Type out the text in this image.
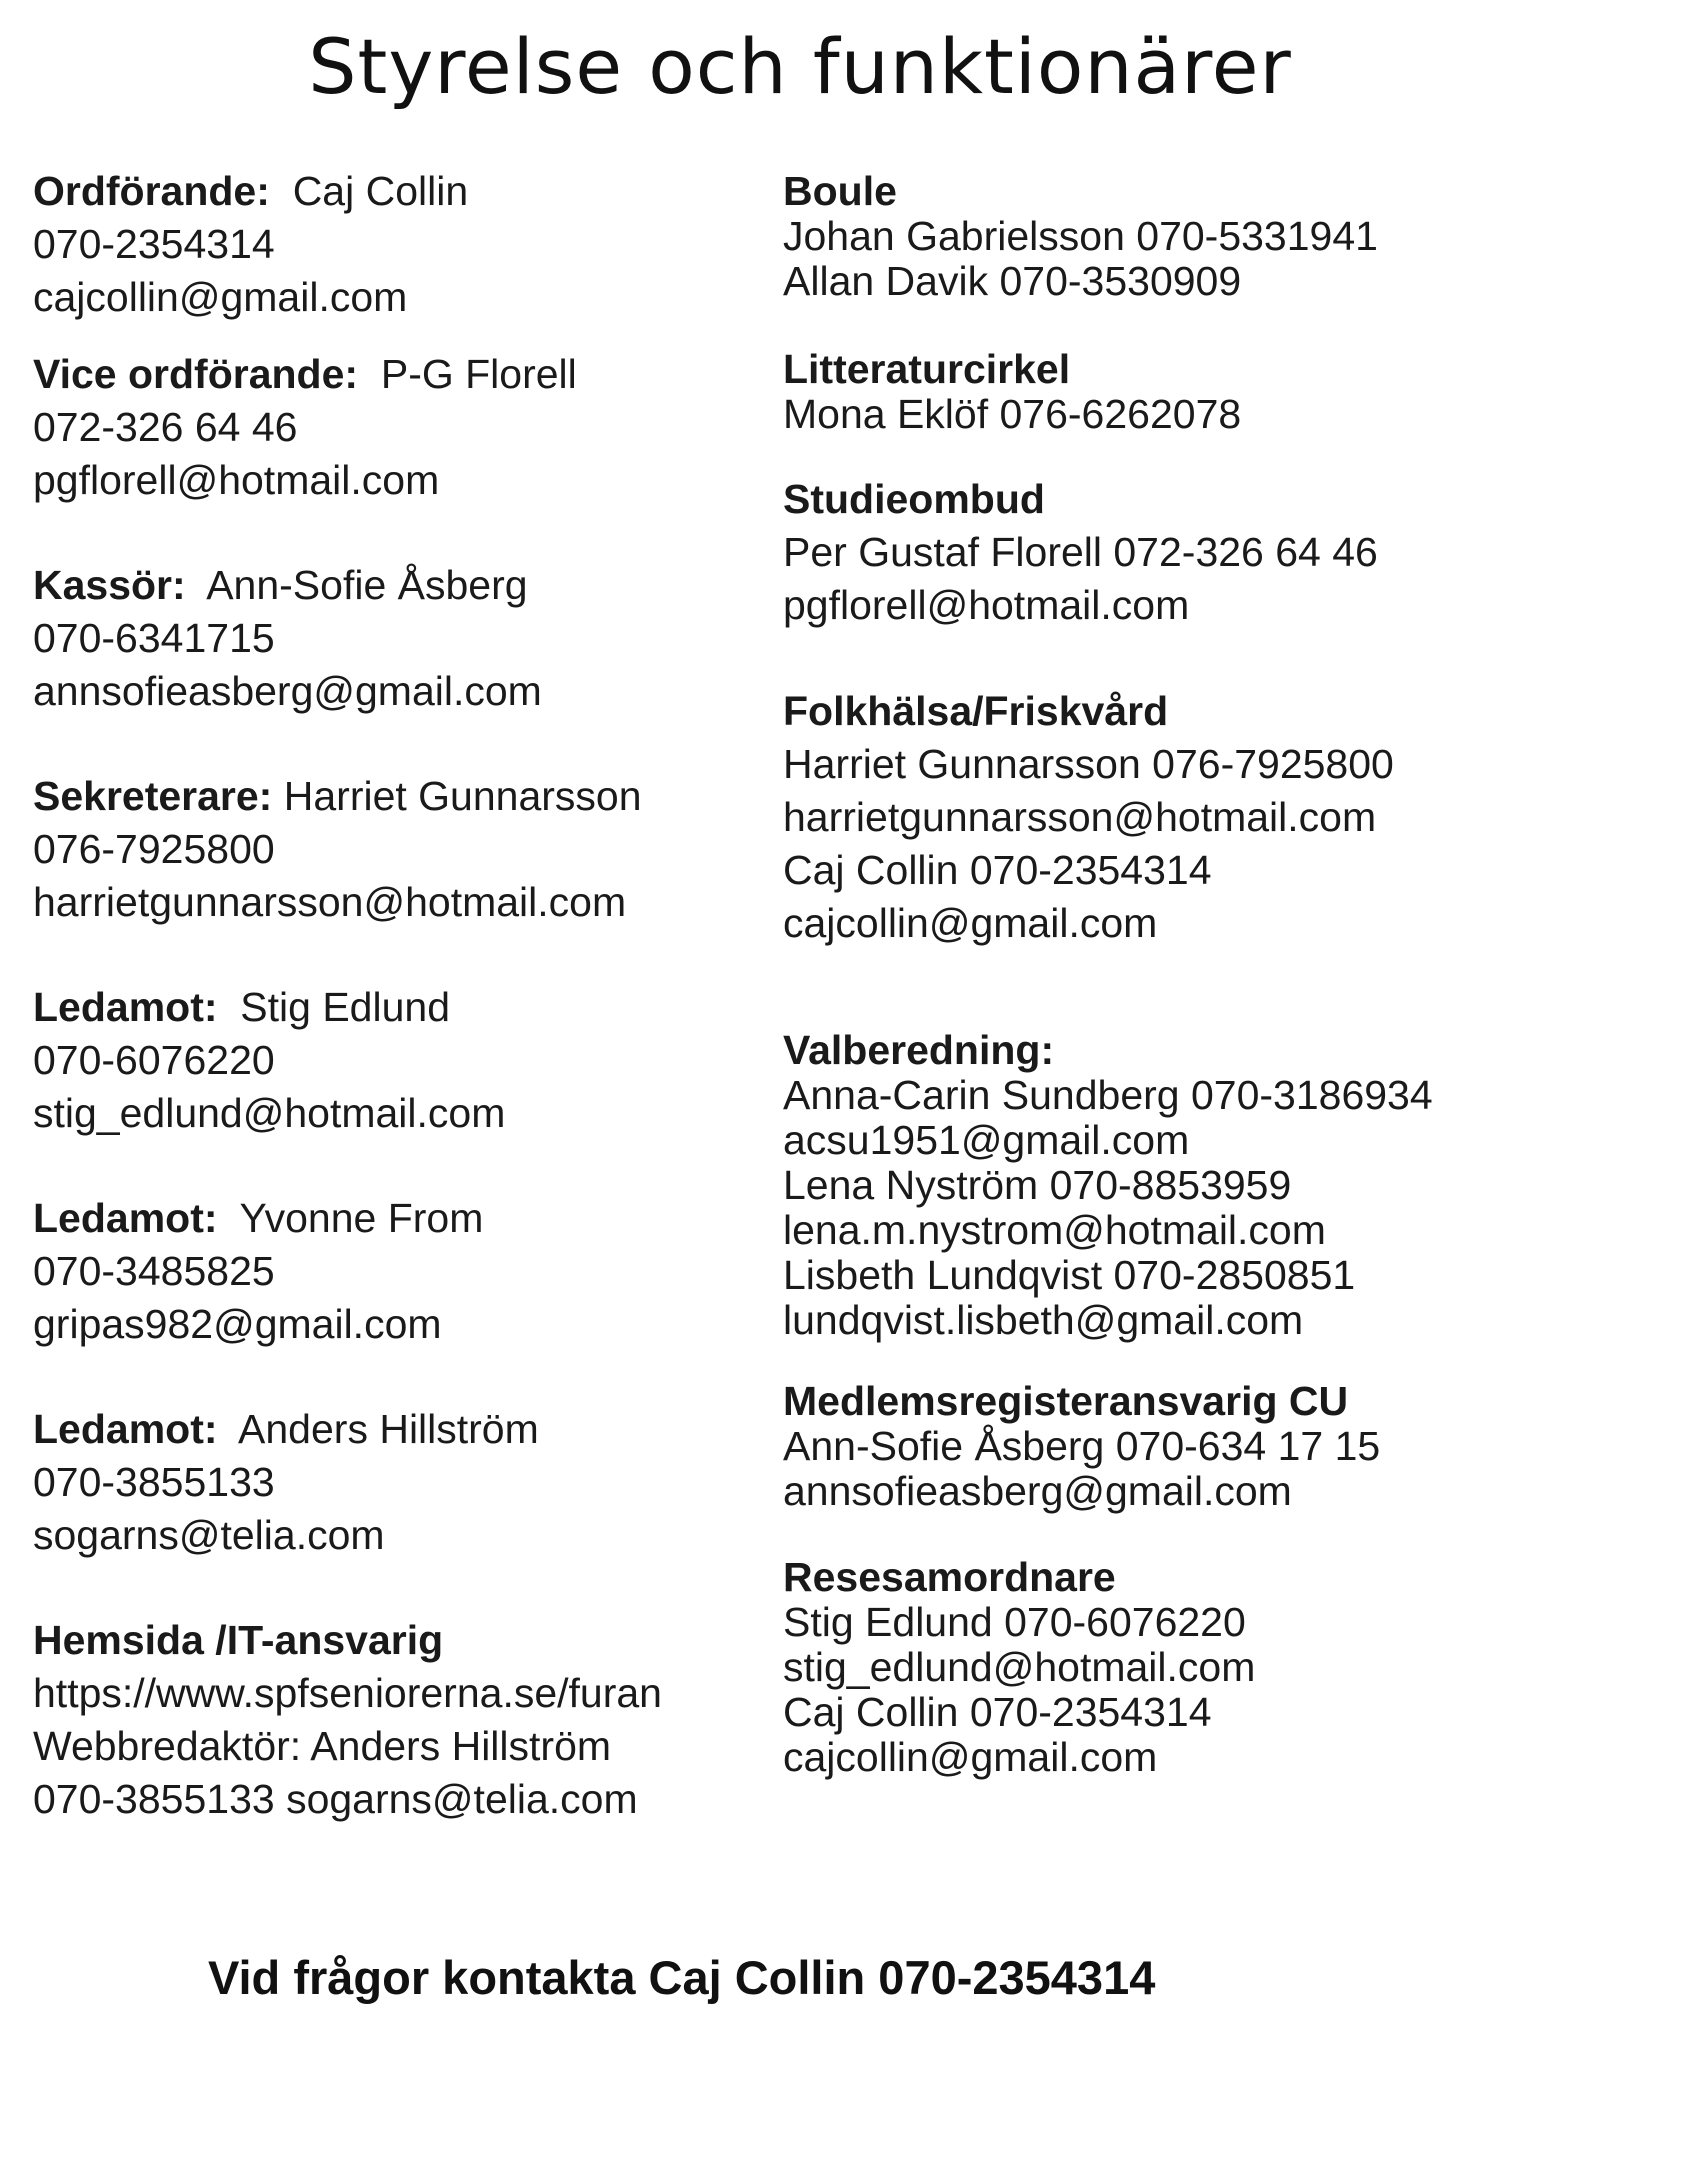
Styrelse och funktionärer
Ordförande: Caj Collin
070-2354314
cajcollin@gmail.com
Vice ordförande: P-G Florell
072-326 64 46
pgflorell@hotmail.com
Kassör: Ann-Sofie Åsberg
070-6341715
annsofieasberg@gmail.com
Sekreterare: Harriet Gunnarsson
076-7925800
harrietgunnarsson@hotmail.com
Ledamot: Stig Edlund
070-6076220
stig_edlund@hotmail.com
Ledamot: Yvonne From
070-3485825
gripas982@gmail.com
Ledamot: Anders Hillström
070-3855133
sogarns@telia.com
Hemsida /IT-ansvarig
https://www.spfseniorerna.se/furan
Webbredaktör: Anders Hillström
070-3855133 sogarns@telia.com
Boule
Johan Gabrielsson 070-5331941
Allan Davik 070-3530909
Litteraturcirkel
Mona Eklöf 076-6262078
Studieombud
Per Gustaf Florell 072-326 64 46
pgflorell@hotmail.com
Folkhälsa/Friskvård
Harriet Gunnarsson 076-7925800
harrietgunnarsson@hotmail.com
Caj Collin 070-2354314
cajcollin@gmail.com
Valberedning:
Anna-Carin Sundberg 070-3186934
acsu1951@gmail.com
Lena Nyström 070-8853959
lena.m.nystrom@hotmail.com
Lisbeth Lundqvist 070-2850851
lundqvist.lisbeth@gmail.com
Medlemsregisteransvarig CU
Ann-Sofie Åsberg 070-634 17 15
annsofieasberg@gmail.com
Resesamordnare
Stig Edlund 070-6076220
stig_edlund@hotmail.com
Caj Collin 070-2354314
cajcollin@gmail.com
Vid frågor kontakta Caj Collin 070-2354314
